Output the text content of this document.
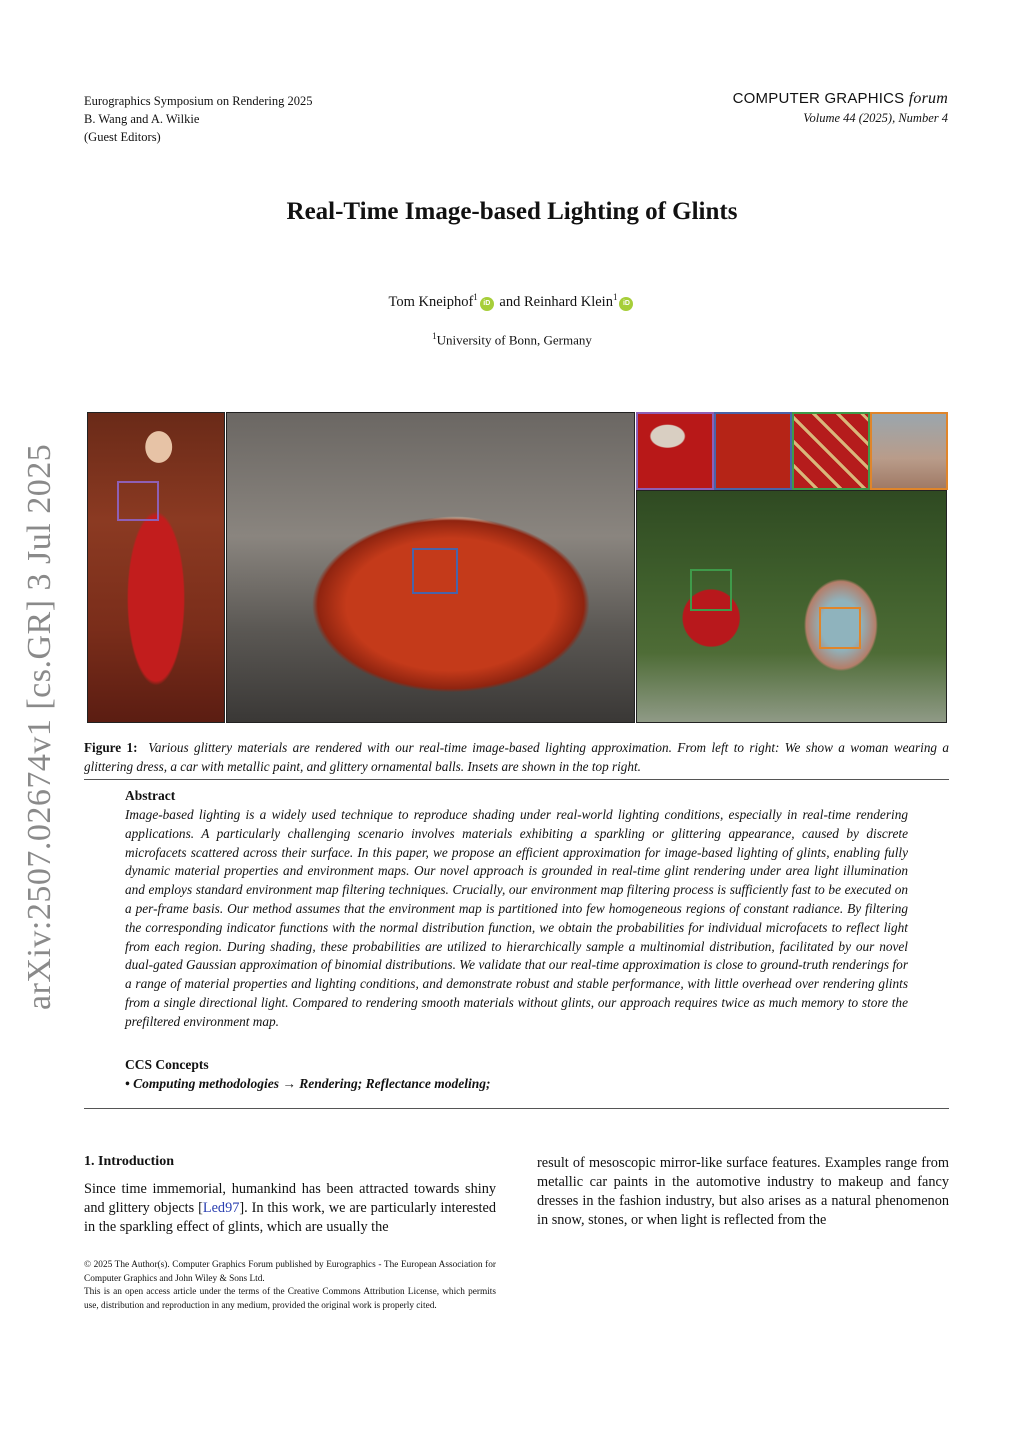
Eurographics Symposium on Rendering 2025
B. Wang and A. Wilkie
(Guest Editors)
COMPUTER GRAPHICS forum
Volume 44 (2025), Number 4
Real-Time Image-based Lighting of Glints
Tom Kneiphof$^1$iD and Reinhard Klein$^1$iD
$^1$University of Bonn, Germany
arXiv:2507.02674v1 [cs.GR] 3 Jul 2025	Figure 1: Various glittery materials are rendered with our real-time image-based lighting approximation. From left to right: We show a woman wearing a glittering dress, a car with metallic paint, and glittery ornamental balls. Insets are shown in the top right.
Abstract
Image-based lighting is a widely used technique to reproduce shading under real-world lighting conditions, especially in real-time rendering applications. A particularly challenging scenario involves materials exhibiting a sparkling or glittering appearance, caused by discrete microfacets scattered across their surface. In this paper, we propose an efficient approximation for image-based lighting of glints, enabling fully dynamic material properties and environment maps. Our novel approach is grounded in real-time glint rendering under area light illumination and employs standard environment map filtering techniques. Crucially, our environment map filtering process is sufficiently fast to be executed on a per-frame basis. Our method assumes that the environment map is partitioned into few homogeneous regions of constant radiance. By filtering the corresponding indicator functions with the normal distribution function, we obtain the probabilities for individual microfacets to reflect light from each region. During shading, these probabilities are utilized to hierarchically sample a multinomial distribution, facilitated by our novel dual-gated Gaussian approximation of binomial distributions. We validate that our real-time approximation is close to ground-truth renderings for a range of material properties and lighting conditions, and demonstrate robust and stable performance, with little overhead over rendering glints from a single directional light. Compared to rendering smooth materials without glints, our approach requires twice as much memory to store the prefiltered environment map.
CCS Concepts
• Computing methodologies → Rendering; Reflectance modeling;
1. Introduction
Since time immemorial, humankind has been attracted towards shiny and glittery objects [Led97]. In this work, we are particularly interested in the sparkling effect of glints, which are usually the
result of mesoscopic mirror-like surface features. Examples range from metallic car paints in the automotive industry to makeup and fancy dresses in the fashion industry, but also arises as a natural phenomenon in snow, stones, or when light is reflected from the
© 2025 The Author(s). Computer Graphics Forum published by Eurographics - The European Association for Computer Graphics and John Wiley & Sons Ltd.
This is an open access article under the terms of the Creative Commons Attribution License, which permits use, distribution and reproduction in any medium, provided the original work is properly cited.
